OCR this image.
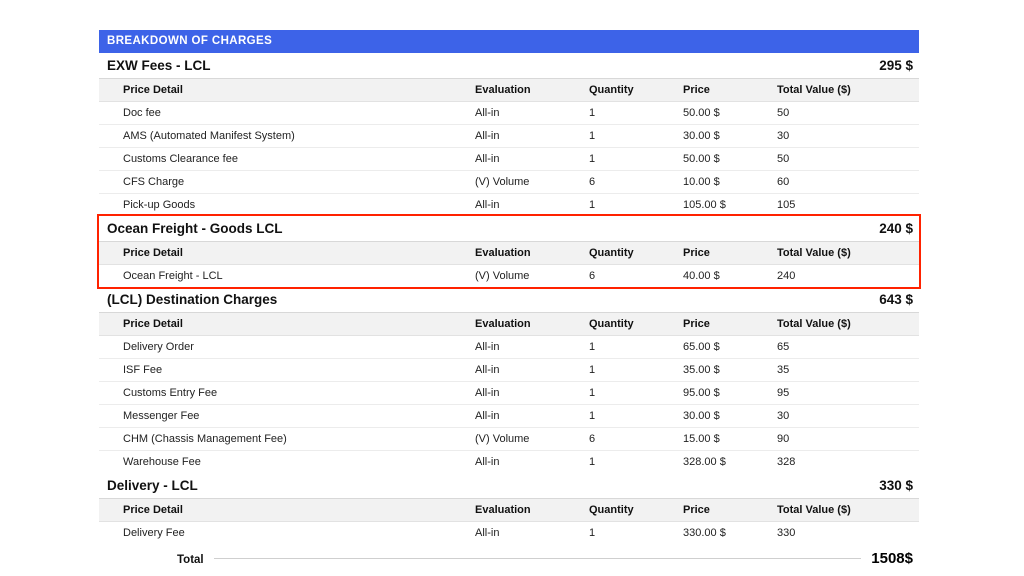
BREAKDOWN OF CHARGES
EXW Fees - LCL	295 $
Price Detail	Evaluation	Quantity	Price	Total Value ($)
Doc fee	All-in	1	50.00 $	50
AMS (Automated Manifest System)	All-in	1	30.00 $	30
Customs Clearance fee	All-in	1	50.00 $	50
CFS Charge	(V) Volume	6	10.00 $	60
Pick-up Goods	All-in	1	105.00 $	105
Ocean Freight - Goods LCL	240 $
Price Detail	Evaluation	Quantity	Price	Total Value ($)
Ocean Freight - LCL	(V) Volume	6	40.00 $	240
(LCL) Destination Charges	643 $
Price Detail	Evaluation	Quantity	Price	Total Value ($)
Delivery Order	All-in	1	65.00 $	65
ISF Fee	All-in	1	35.00 $	35
Customs Entry Fee	All-in	1	95.00 $	95
Messenger Fee	All-in	1	30.00 $	30
CHM (Chassis Management Fee)	(V) Volume	6	15.00 $	90
Warehouse Fee	All-in	1	328.00 $	328
Delivery - LCL	330 $
Price Detail	Evaluation	Quantity	Price	Total Value ($)
Delivery Fee	All-in	1	330.00 $	330
Total	1508$
